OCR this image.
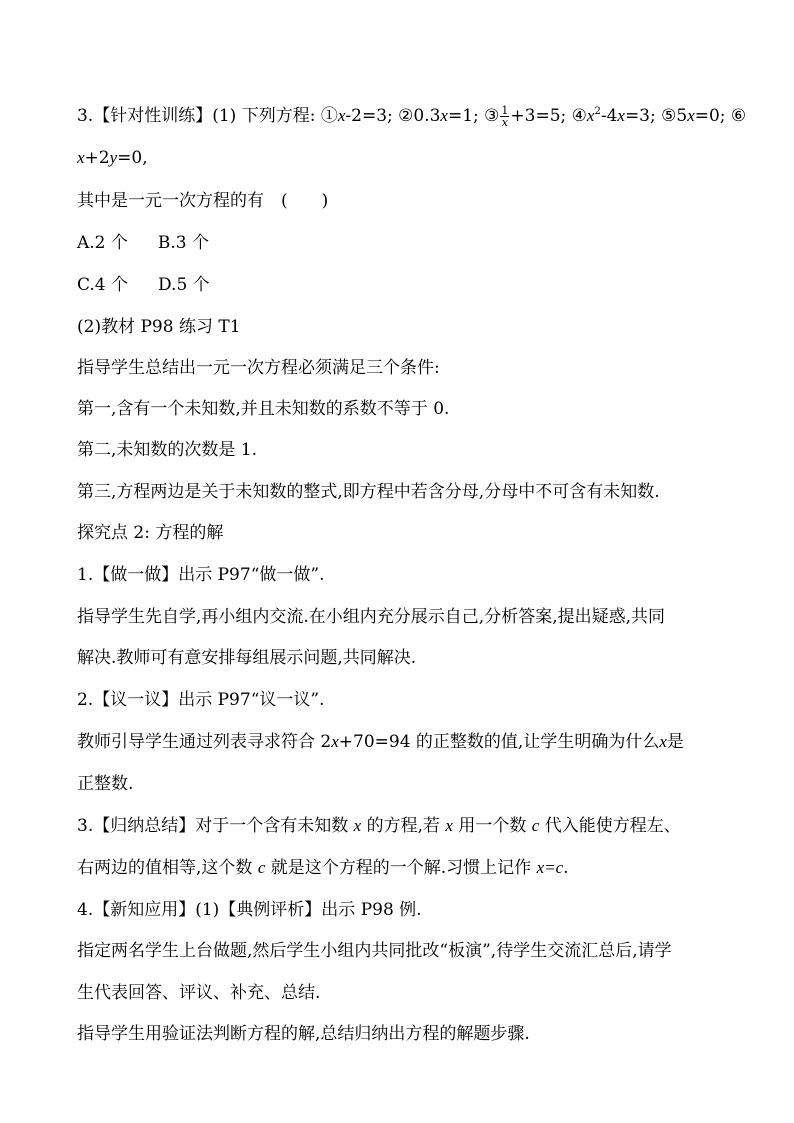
3.【针对性训练】(1) 下列方程: ①x-2=3; ②0.3x=1; ③ $\frac{1}{x} +3=5$; $④x^2-4x=3$; ⑤5x=0; ⑥
x+2y=0,
其中是一元一次方程的有　(　　)
A.2 个 B.3 个
C.4 个 D.5 个
(2)教材 P98 练习 T1
指导学生总结出一元一次方程必须满足三个条件:
第一,含有一个未知数,并且未知数的系数不等于 0.
第二,未知数的次数是 1.
第三,方程两边是关于未知数的整式,即方程中若含分母,分母中不可含有未知数.
探究点 2: 方程的解
1.【做一做】出示 P97“做一做”.
指导学生先自学,再小组内交流.在小组内充分展示自己,分析答案,提出疑惑,共同
解决.教师可有意安排每组展示问题,共同解决.
2.【议一议】出示 P97“议一议”.
教师引导学生通过列表寻求符合 2x+70=94 的正整数的值,让学生明确为什么x是
正整数.
3.【归纳总结】对于一个含有未知数 x 的方程,若 x 用一个数 c 代入能使方程左、
右两边的值相等,这个数 c 就是这个方程的一个解.习惯上记作 x=c.
4.【新知应用】(1)【典例评析】出示 P98 例.
指定两名学生上台做题,然后学生小组内共同批改“板演”,待学生交流汇总后,请学
生代表回答、评议、补充、总结.
指导学生用验证法判断方程的解,总结归纳出方程的解题步骤.
